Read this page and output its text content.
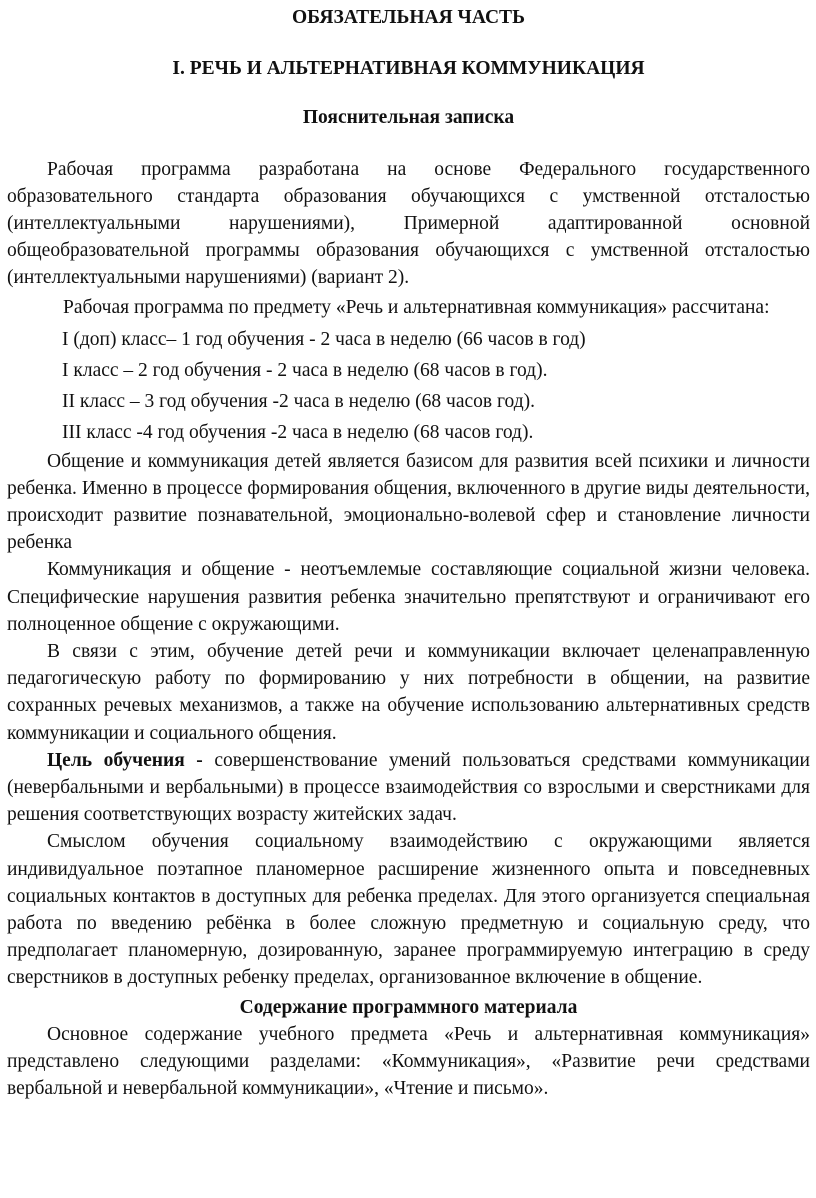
ОБЯЗАТЕЛЬНАЯ ЧАСТЬ
I. РЕЧЬ И АЛЬТЕРНАТИВНАЯ КОММУНИКАЦИЯ
Пояснительная записка

Рабочая программа разработана на основе Федерального государственного образовательного стандарта образования обучающихся с умственной отсталостью (интеллектуальными нарушениями), Примерной адаптированной основной общеобразовательной программы образования обучающихся с умственной отсталостью (интеллектуальными нарушениями) (вариант 2).

Рабочая программа по предмету «Речь и альтернативная коммуникация» рассчитана:

I (доп) класс– 1 год обучения - 2 часа в неделю (66 часов в год)
I класс – 2 год обучения - 2 часа в неделю (68 часов в год).
II класс – 3 год обучения -2 часа в неделю (68 часов год).
III класс -4 год обучения -2 часа в неделю (68 часов год).

Общение и коммуникация детей является базисом для развития всей психики и личности ребенка. Именно в процессе формирования общения, включенного в другие виды деятельности, происходит развитие познавательной, эмоционально-волевой сфер и становление личности ребенка

Коммуникация и общение - неотъемлемые составляющие социальной жизни человека. Специфические нарушения развития ребенка значительно препятствуют и ограничивают его полноценное общение с окружающими.

В связи с этим, обучение детей речи и коммуникации включает целенаправленную педагогическую работу по формированию у них потребности в общении, на развитие сохранных речевых механизмов, а также на обучение использованию альтернативных средств коммуникации и социального общения.

Цель обучения - совершенствование умений пользоваться средствами коммуникации (невербальными и вербальными) в процессе взаимодействия со взрослыми и сверстниками для решения соответствующих возрасту житейских задач.

Смыслом обучения социальному взаимодействию с окружающими является индивидуальное поэтапное планомерное расширение жизненного опыта и повседневных социальных контактов в доступных для ребенка пределах. Для этого организуется специальная работа по введению ребёнка в более сложную предметную и социальную среду, что предполагает планомерную, дозированную, заранее программируемую интеграцию в среду сверстников в доступных ребенку пределах, организованное включение в общение.

Содержание программного материала

Основное содержание учебного предмета «Речь и альтернативная коммуникация» представлено следующими разделами: «Коммуникация», «Развитие речи средствами вербальной и невербальной коммуникации», «Чтение и письмо».
